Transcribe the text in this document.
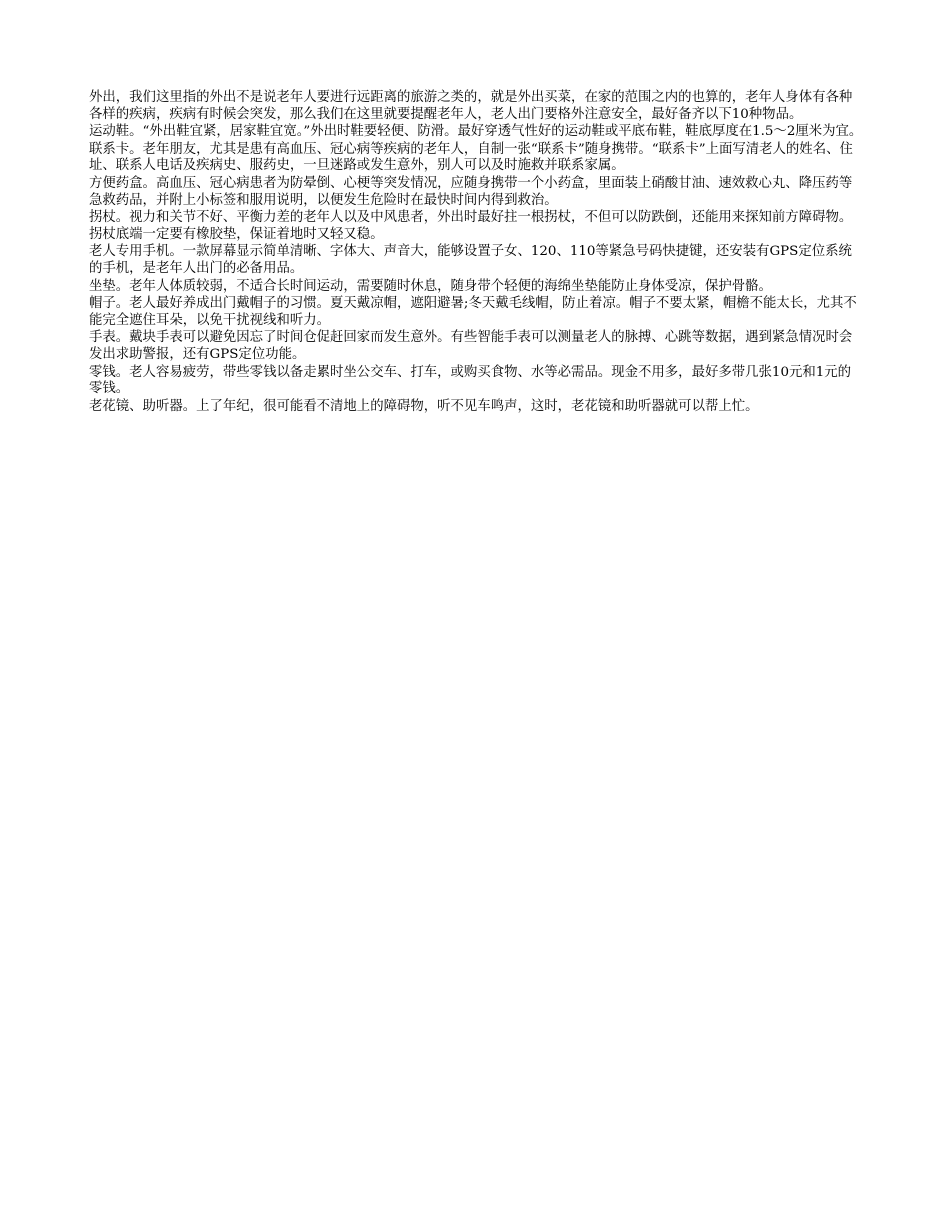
外出，我们这里指的外出不是说老年人要进行远距离的旅游之类的，就是外出买菜，在家的范围之内的也算的，老年人身体有各种各样的疾病，疾病有时候会突发，那么我们在这里就要提醒老年人，老人出门要格外注意安全，最好备齐以下10种物品。

运动鞋。“外出鞋宜紧，居家鞋宜宽。”外出时鞋要轻便、防滑。最好穿透气性好的运动鞋或平底布鞋，鞋底厚度在1.5～2厘米为宜。

联系卡。老年朋友，尤其是患有高血压、冠心病等疾病的老年人，自制一张“联系卡”随身携带。“联系卡”上面写清老人的姓名、住址、联系人电话及疾病史、服药史，一旦迷路或发生意外，别人可以及时施救并联系家属。

方便药盒。高血压、冠心病患者为防晕倒、心梗等突发情况，应随身携带一个小药盒，里面装上硝酸甘油、速效救心丸、降压药等急救药品，并附上小标签和服用说明，以便发生危险时在最快时间内得到救治。

拐杖。视力和关节不好、平衡力差的老年人以及中风患者，外出时最好拄一根拐杖，不但可以防跌倒，还能用来探知前方障碍物。拐杖底端一定要有橡胶垫，保证着地时又轻又稳。

老人专用手机。一款屏幕显示简单清晰、字体大、声音大，能够设置子女、120、110等紧急号码快捷键，还安装有GPS定位系统的手机，是老年人出门的必备用品。

坐垫。老年人体质较弱，不适合长时间运动，需要随时休息，随身带个轻便的海绵坐垫能防止身体受凉，保护骨骼。

帽子。老人最好养成出门戴帽子的习惯。夏天戴凉帽，遮阳避暑;冬天戴毛线帽，防止着凉。帽子不要太紧，帽檐不能太长，尤其不能完全遮住耳朵，以免干扰视线和听力。

手表。戴块手表可以避免因忘了时间仓促赶回家而发生意外。有些智能手表可以测量老人的脉搏、心跳等数据，遇到紧急情况时会发出求助警报，还有GPS定位功能。

零钱。老人容易疲劳，带些零钱以备走累时坐公交车、打车，或购买食物、水等必需品。现金不用多，最好多带几张10元和1元的零钱。

老花镜、助听器。上了年纪，很可能看不清地上的障碍物，听不见车鸣声，这时，老花镜和助听器就可以帮上忙。
